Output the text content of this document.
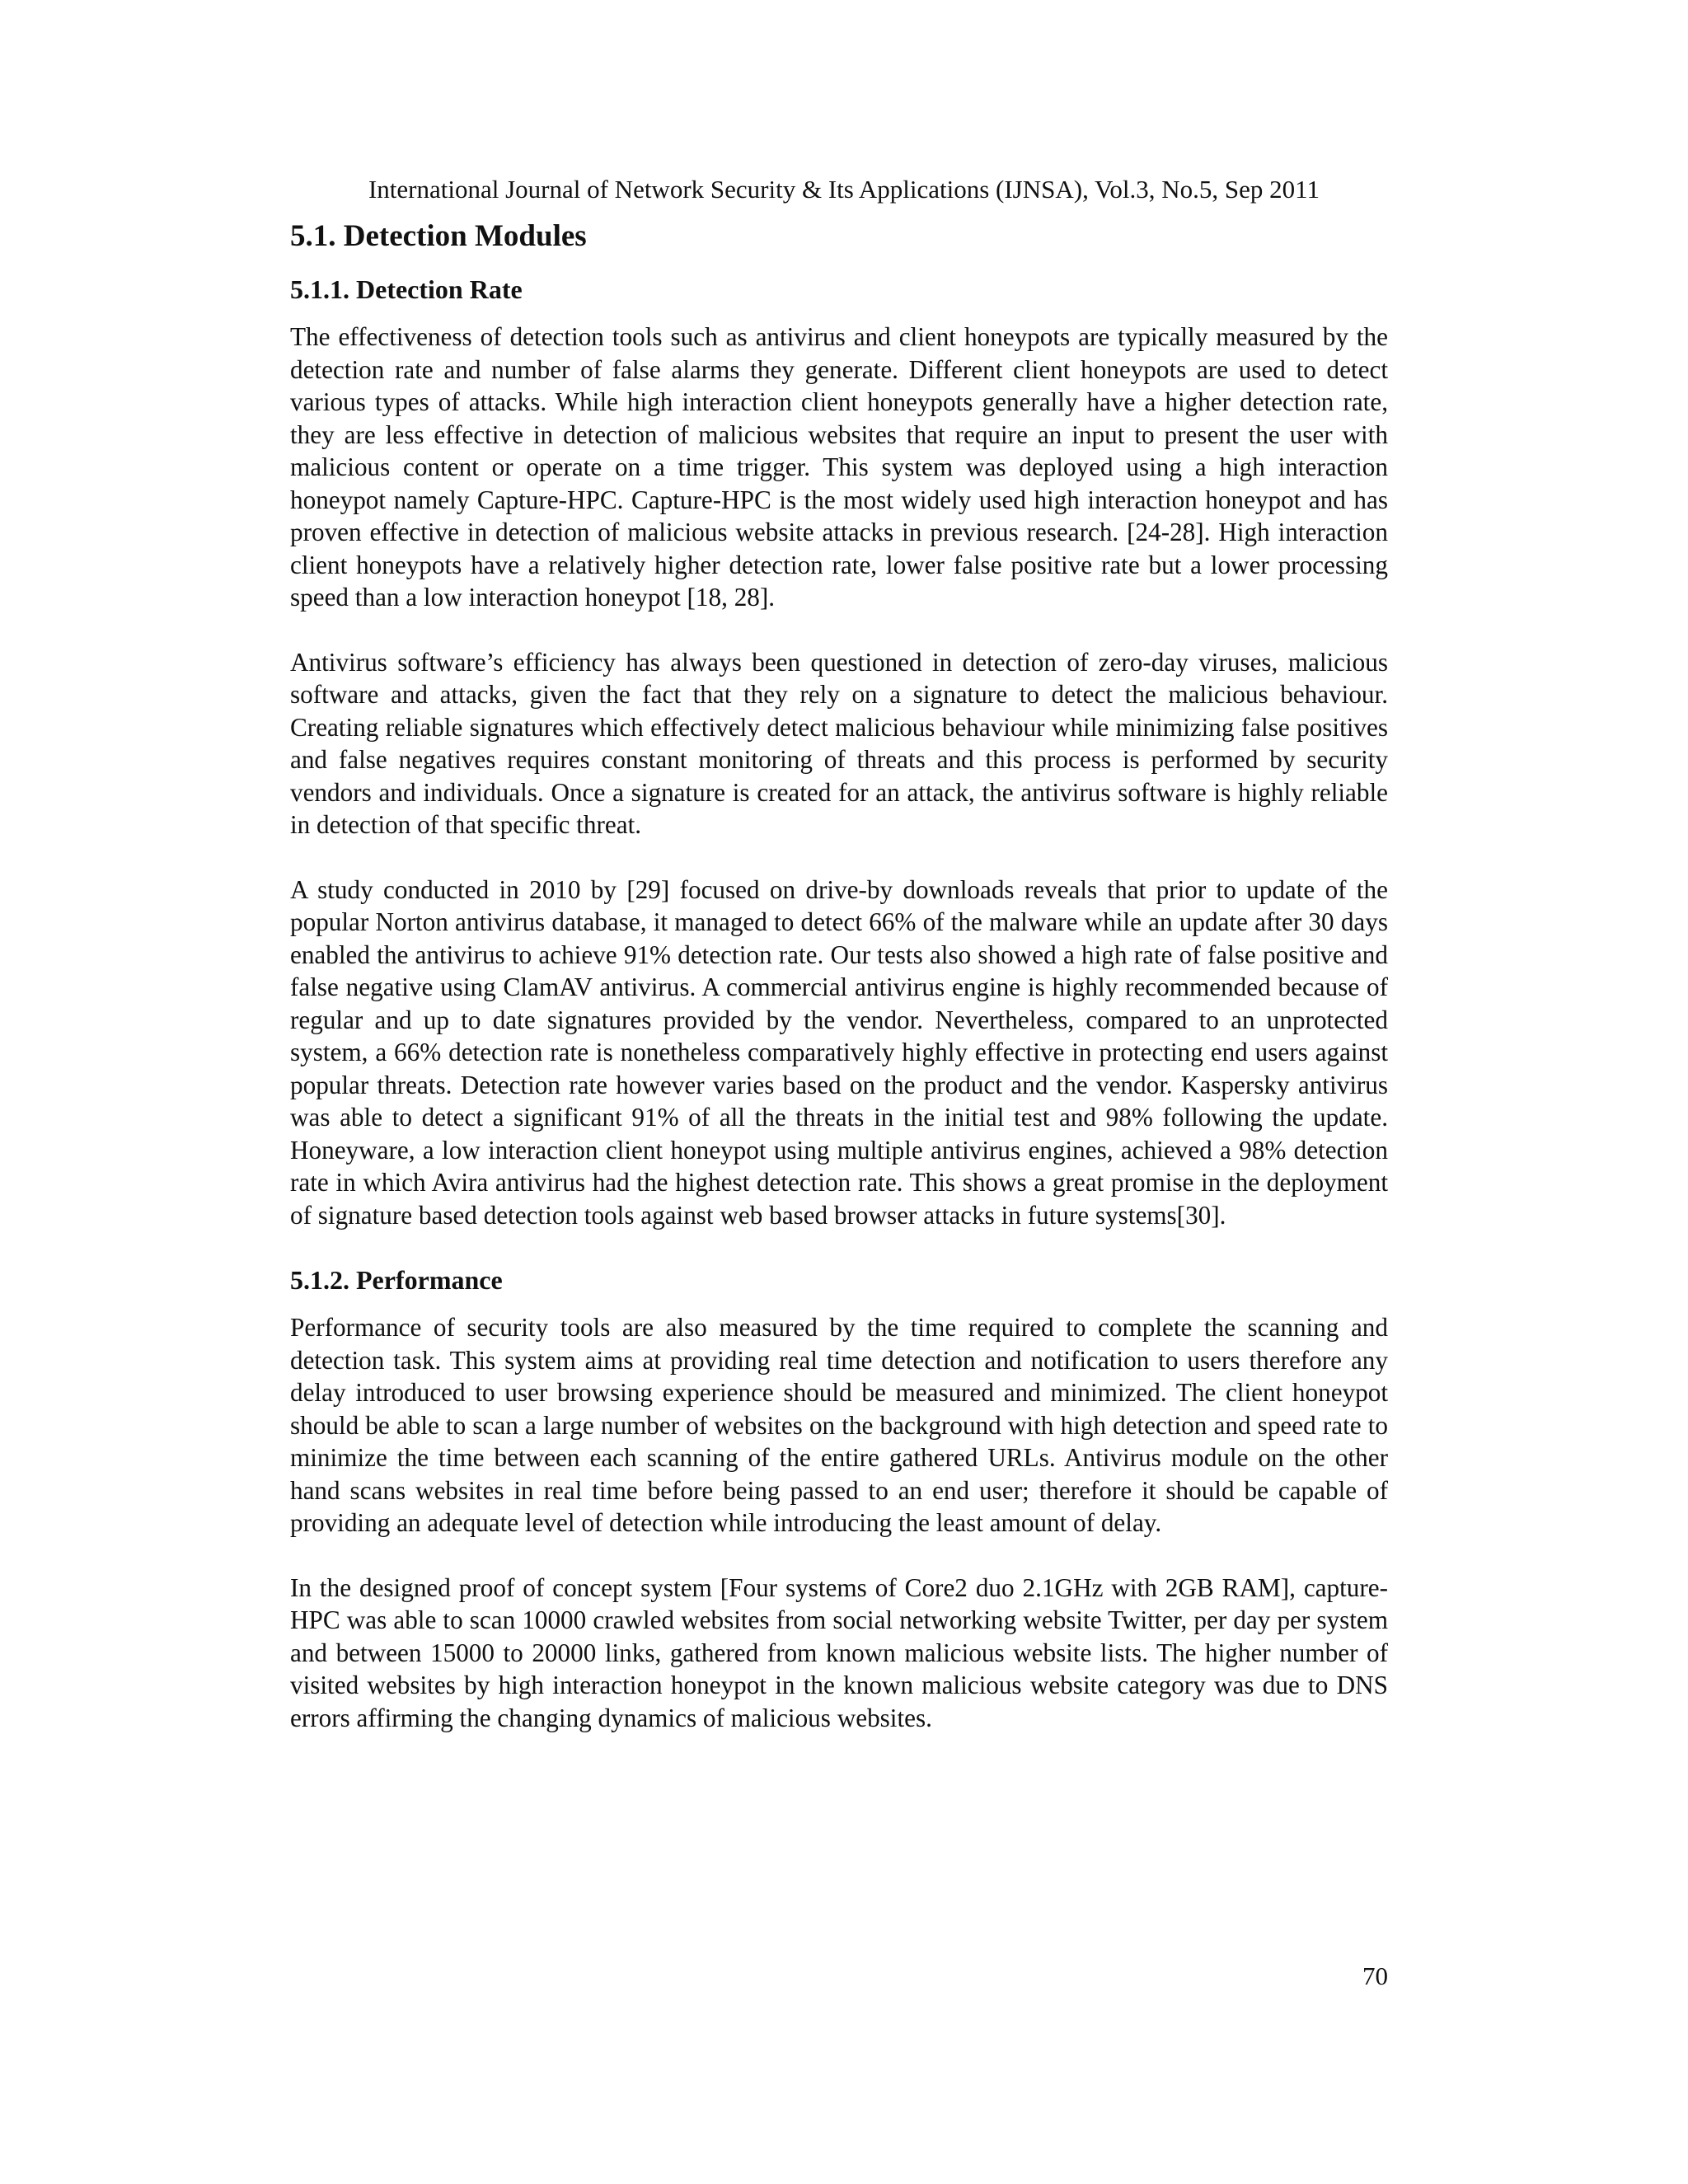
International Journal of Network Security & Its Applications (IJNSA), Vol.3, No.5, Sep 2011
5.1. Detection Modules
5.1.1. Detection Rate

The effectiveness of detection tools such as antivirus and client honeypots are typically measured by the detection rate and number of false alarms they generate. Different client honeypots are used to detect various types of attacks. While high interaction client honeypots generally have a higher detection rate, they are less effective in detection of malicious websites that require an input to present the user with malicious content or operate on a time trigger. This system was deployed using a high interaction honeypot namely Capture-HPC. Capture-HPC is the most widely used high interaction honeypot and has proven effective in detection of malicious website attacks in previous research. [24-28]. High interaction client honeypots have a relatively higher detection rate, lower false positive rate but a lower processing speed than a low interaction honeypot [18, 28].

Antivirus software’s efficiency has always been questioned in detection of zero-day viruses, malicious software and attacks, given the fact that they rely on a signature to detect the malicious behaviour. Creating reliable signatures which effectively detect malicious behaviour while minimizing false positives and false negatives requires constant monitoring of threats and this process is performed by security vendors and individuals. Once a signature is created for an attack, the antivirus software is highly reliable in detection of that specific threat.

A study conducted in 2010 by [29] focused on drive-by downloads reveals that prior to update of the popular Norton antivirus database, it managed to detect 66% of the malware while an update after 30 days enabled the antivirus to achieve 91% detection rate. Our tests also showed a high rate of false positive and false negative using ClamAV antivirus. A commercial antivirus engine is highly recommended because of regular and up to date signatures provided by the vendor. Nevertheless, compared to an unprotected system, a 66% detection rate is nonetheless comparatively highly effective in protecting end users against popular threats. Detection rate however varies based on the product and the vendor. Kaspersky antivirus was able to detect a significant 91% of all the threats in the initial test and 98% following the update. Honeyware, a low interaction client honeypot using multiple antivirus engines, achieved a 98% detection rate in which Avira antivirus had the highest detection rate. This shows a great promise in the deployment of signature based detection tools against web based browser attacks in future systems[30].

5.1.2. Performance

Performance of security tools are also measured by the time required to complete the scanning and detection task. This system aims at providing real time detection and notification to users therefore any delay introduced to user browsing experience should be measured and minimized. The client honeypot should be able to scan a large number of websites on the background with high detection and speed rate to minimize the time between each scanning of the entire gathered URLs. Antivirus module on the other hand scans websites in real time before being passed to an end user; therefore it should be capable of providing an adequate level of detection while introducing the least amount of delay.

In the designed proof of concept system [Four systems of Core2 duo 2.1GHz with 2GB RAM], capture-HPC was able to scan 10000 crawled websites from social networking website Twitter, per day per system and between 15000 to 20000 links, gathered from known malicious website lists. The higher number of visited websites by high interaction honeypot in the known malicious website category was due to DNS errors affirming the changing dynamics of malicious websites.

70
